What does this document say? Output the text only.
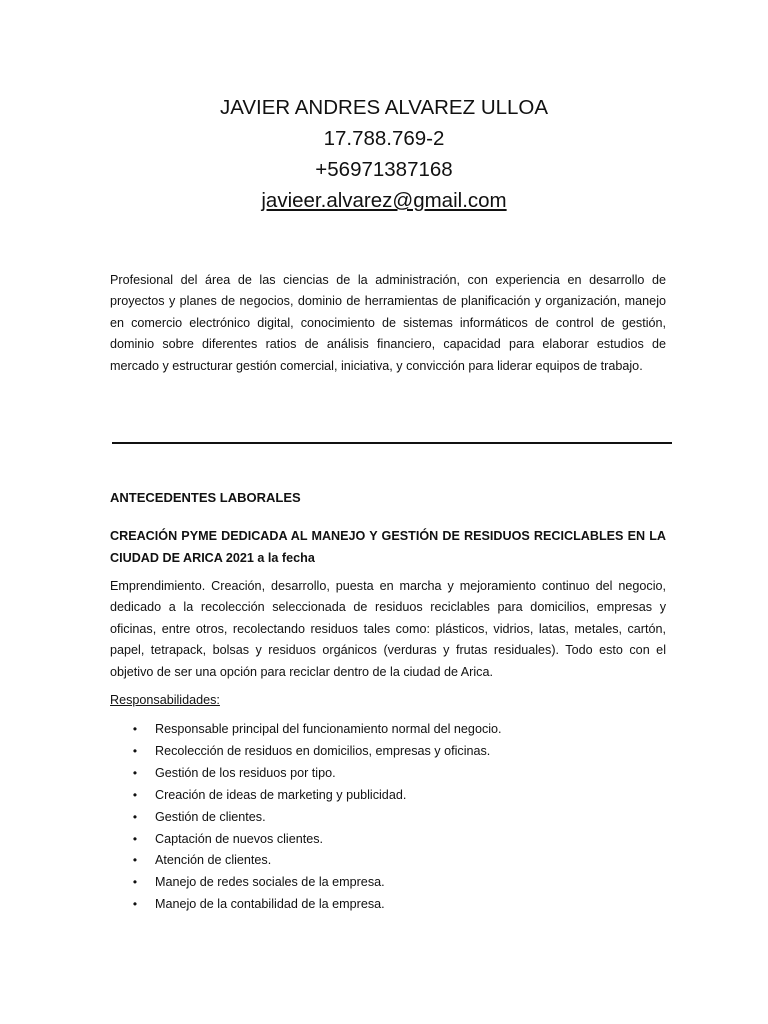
JAVIER ANDRES ALVAREZ ULLOA
17.788.769-2
+56971387168
javieer.alvarez@gmail.com
Profesional del área de las ciencias de la administración, con experiencia en desarrollo de proyectos y planes de negocios, dominio de herramientas de planificación y organización, manejo en comercio electrónico digital, conocimiento de sistemas informáticos de control de gestión, dominio sobre diferentes ratios de análisis financiero, capacidad para elaborar estudios de mercado y estructurar gestión comercial, iniciativa, y convicción para liderar equipos de trabajo.
ANTECEDENTES LABORALES
CREACIÓN PYME DEDICADA AL MANEJO Y GESTIÓN DE RESIDUOS RECICLABLES EN LA CIUDAD DE ARICA 2021 a la fecha
Emprendimiento. Creación, desarrollo, puesta en marcha y mejoramiento continuo del negocio, dedicado a la recolección seleccionada de residuos reciclables para domicilios, empresas y oficinas, entre otros, recolectando residuos tales como: plásticos, vidrios, latas, metales, cartón, papel, tetrapack, bolsas y residuos orgánicos (verduras y frutas residuales). Todo esto con el objetivo de ser una opción para reciclar dentro de la ciudad de Arica.
Responsabilidades:
•	Responsable principal del funcionamiento normal del negocio.
•	Recolección de residuos en domicilios, empresas y oficinas.
•	Gestión de los residuos por tipo.
•	Creación de ideas de marketing y publicidad.
•	Gestión de clientes.
•	Captación de nuevos clientes.
•	Atención de clientes.
•	Manejo de redes sociales de la empresa.
•	Manejo de la contabilidad de la empresa.
